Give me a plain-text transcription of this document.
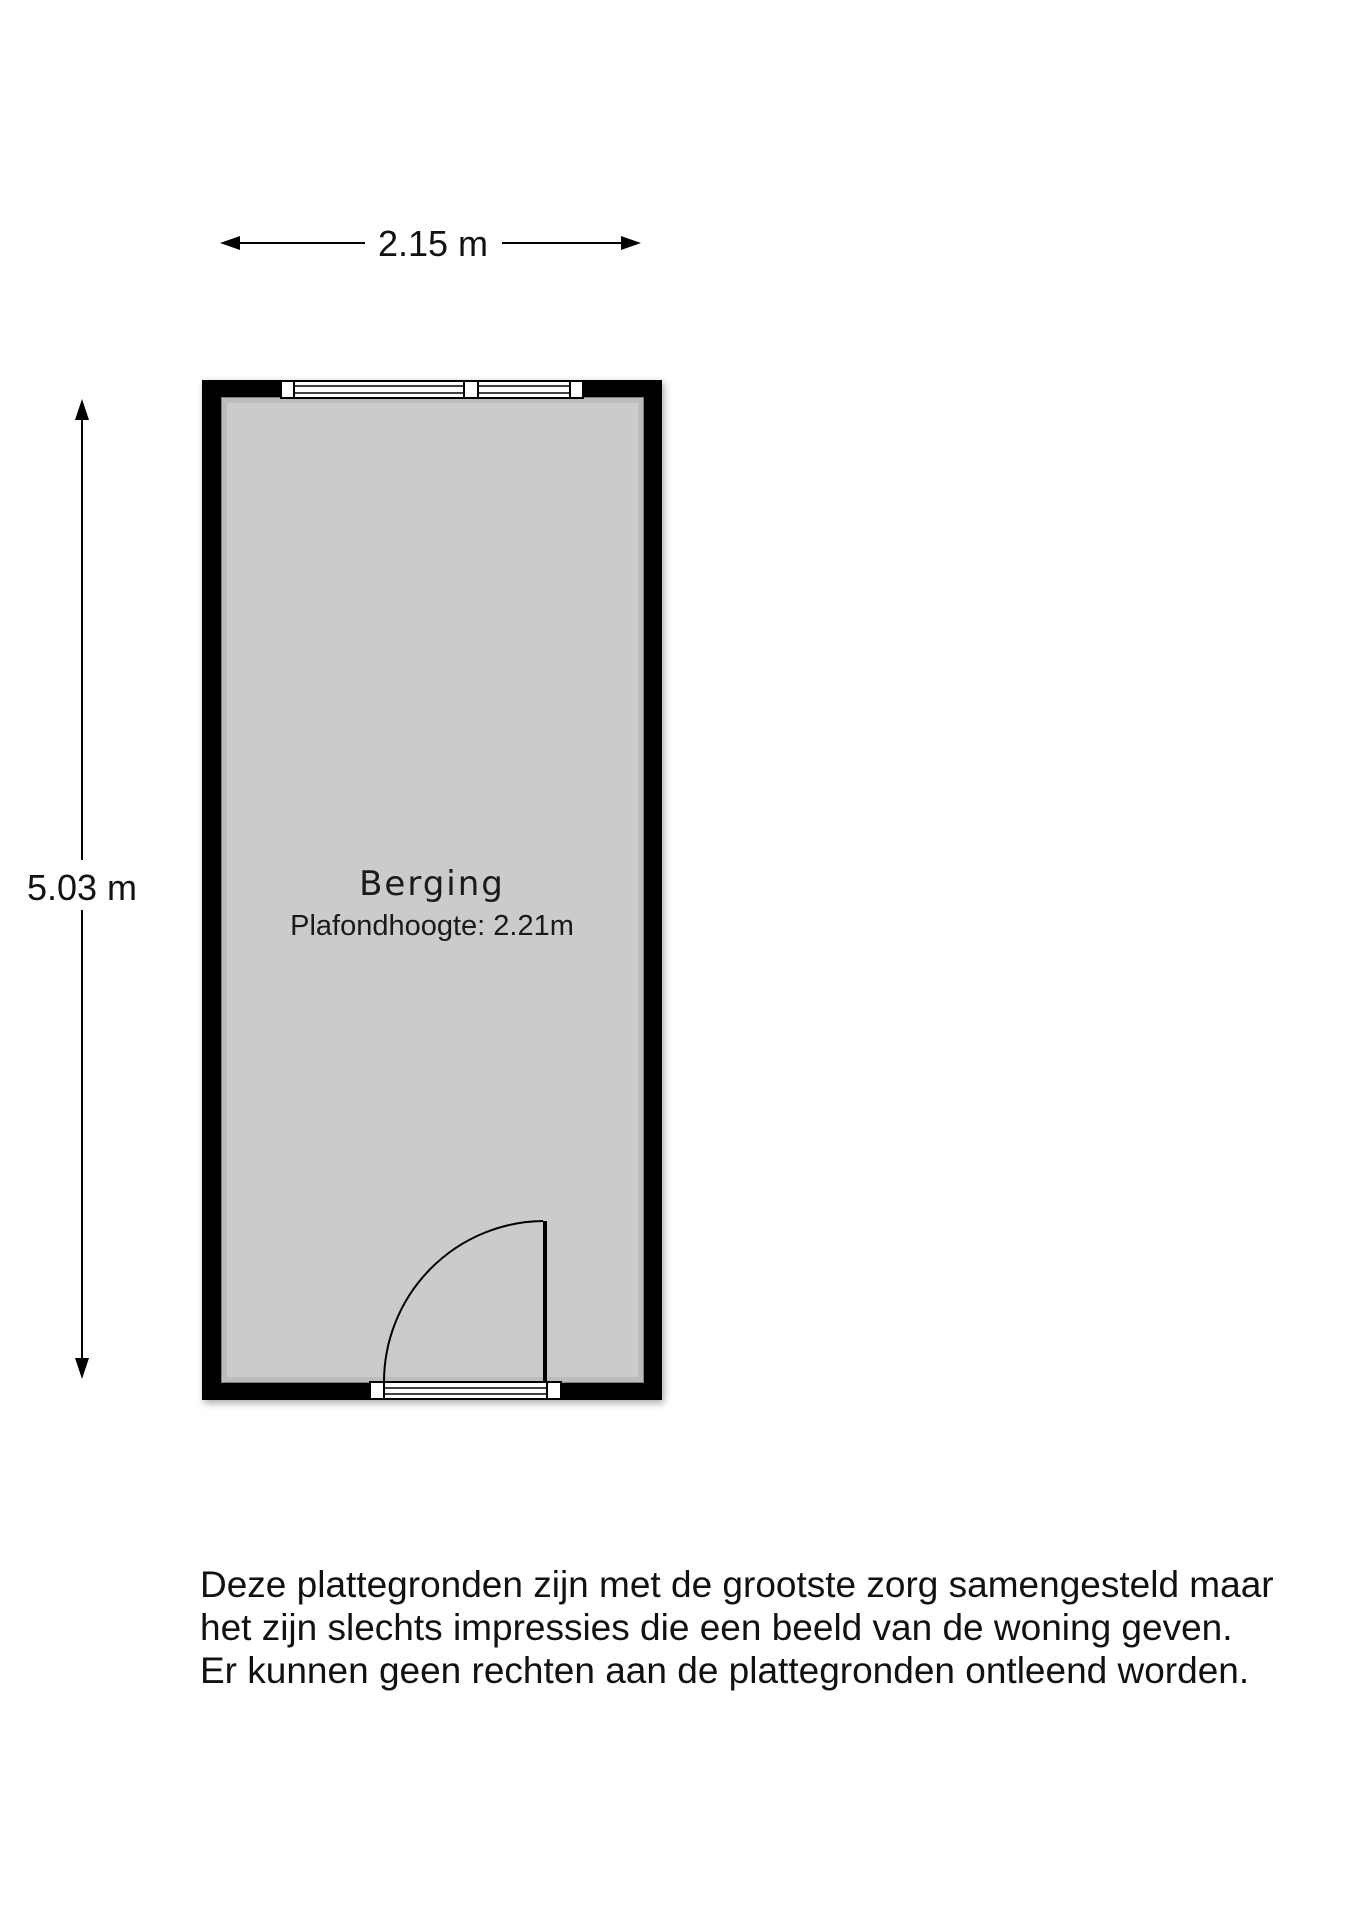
2.15 m
5.03 m	Berging
Plafondhoogte: 2.21m
Deze plattegronden zijn met de grootste zorg samengesteld maar
het zijn slechts impressies die een beeld van de woning geven.
Er kunnen geen rechten aan de plattegronden ontleend worden.
